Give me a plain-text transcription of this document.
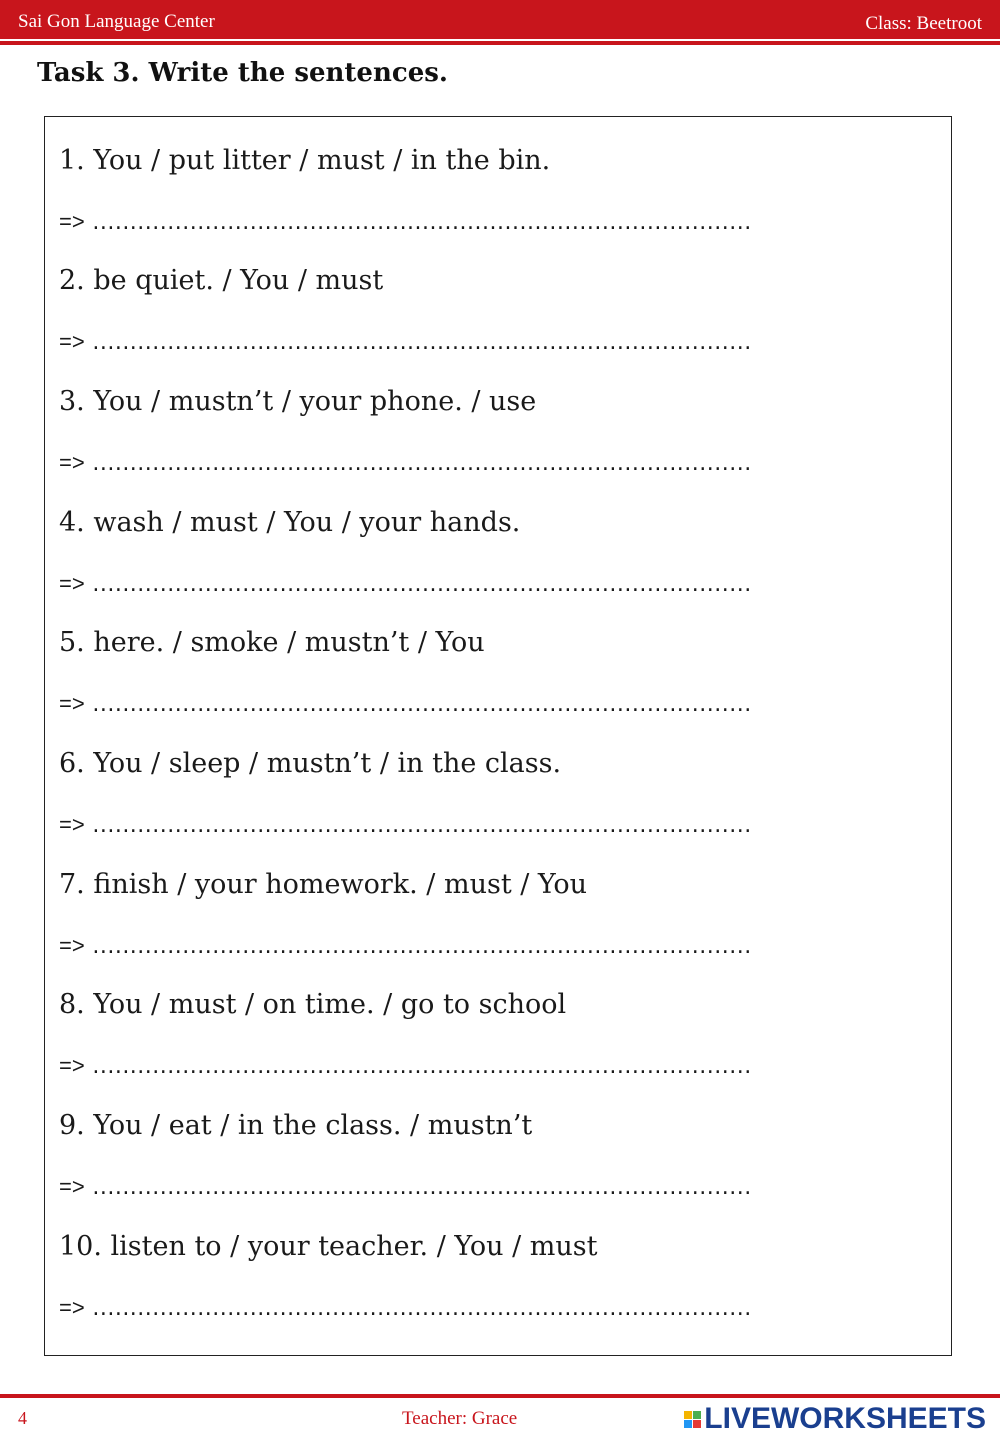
Sai Gon Language Center	Class: Beetroot
Task 3. Write the sentences.
1. You / put litter / must / in the bin.
=> ........................................................................................
2. be quiet. / You / must
=> ........................................................................................
3. You / mustn’t / your phone. / use
=> ........................................................................................
4. wash / must / You / your hands.
=> ........................................................................................
5. here. / smoke / mustn’t / You
=> ........................................................................................
6. You / sleep / mustn’t / in the class.
=> ........................................................................................
7. finish / your homework. / must / You
=> ........................................................................................
8. You / must / on time. / go to school
=> ........................................................................................
9. You / eat / in the class. / mustn’t
=> ........................................................................................
10. listen to / your teacher. / You / must
=> ........................................................................................
4	Teacher: Grace	LIVEWORKSHEETS
